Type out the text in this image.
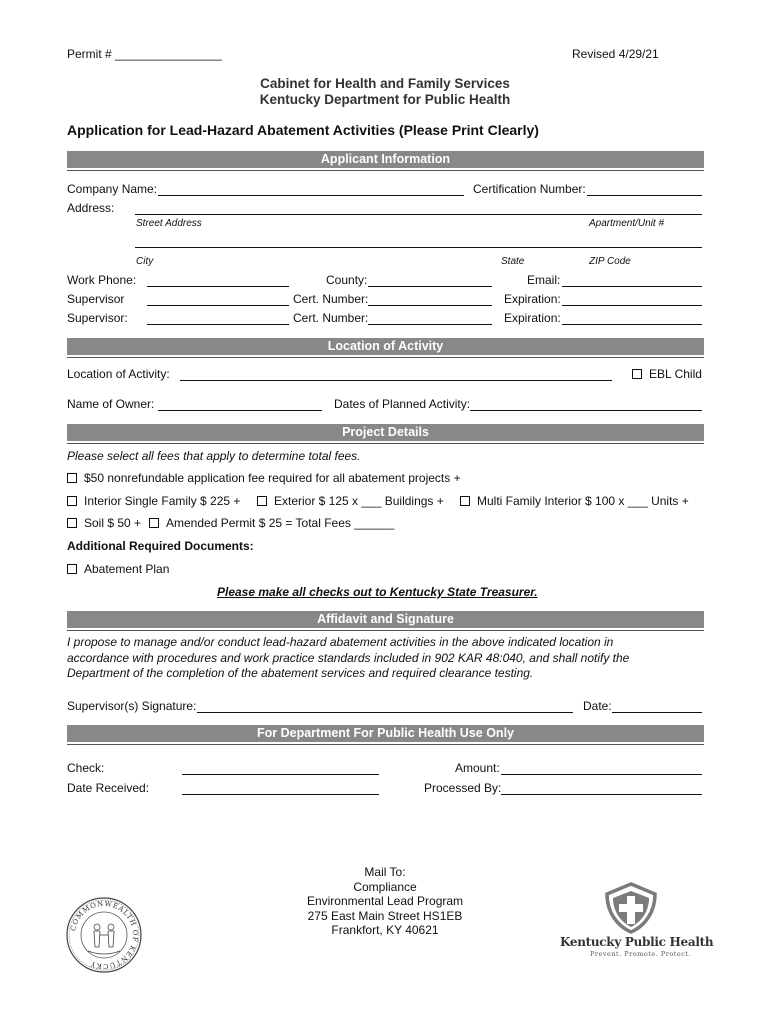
Permit # ________________	Revised 4/29/21
Cabinet for Health and Family Services
Kentucky Department for Public Health
Application for Lead-Hazard Abatement Activities (Please Print Clearly)
Applicant Information
Company Name:	Certification Number:
Address:
Street Address	Apartment/Unit #
City	State	ZIP Code
Work Phone:	County:	Email:
Supervisor	Cert. Number:	Expiration:
Supervisor:	Cert. Number:	Expiration:
Location of Activity
Location of Activity:	EBL Child
Name of Owner:	Dates of Planned Activity:
Project Details
Please select all fees that apply to determine total fees.
$50 nonrefundable application fee required for all abatement projects +
Interior Single Family $ 225 +	Exterior $ 125 x ___ Buildings +	Multi Family Interior $ 100 x ___ Units +
Soil $ 50 +	Amended Permit $ 25 = Total Fees ______
Additional Required Documents:
Abatement Plan
Please make all checks out to Kentucky State Treasurer.
Affidavit and Signature
I propose to manage and/or conduct lead-hazard abatement activities in the above indicated location in
accordance with procedures and work practice standards included in 902 KAR 48:040, and shall notify the
Department of the completion of the abatement services and required clearance testing.
Supervisor(s) Signature:	Date:
For Department For Public Health Use Only
Check:	Amount:
Date Received:	Processed By:
Mail To:
Compliance
Environmental Lead Program
275 East Main Street HS1EB
Frankfort, KY 40621
COMMONWEALTH OF KENTUCKY
Kentucky Public Health
Prevent. Promote. Protect.
